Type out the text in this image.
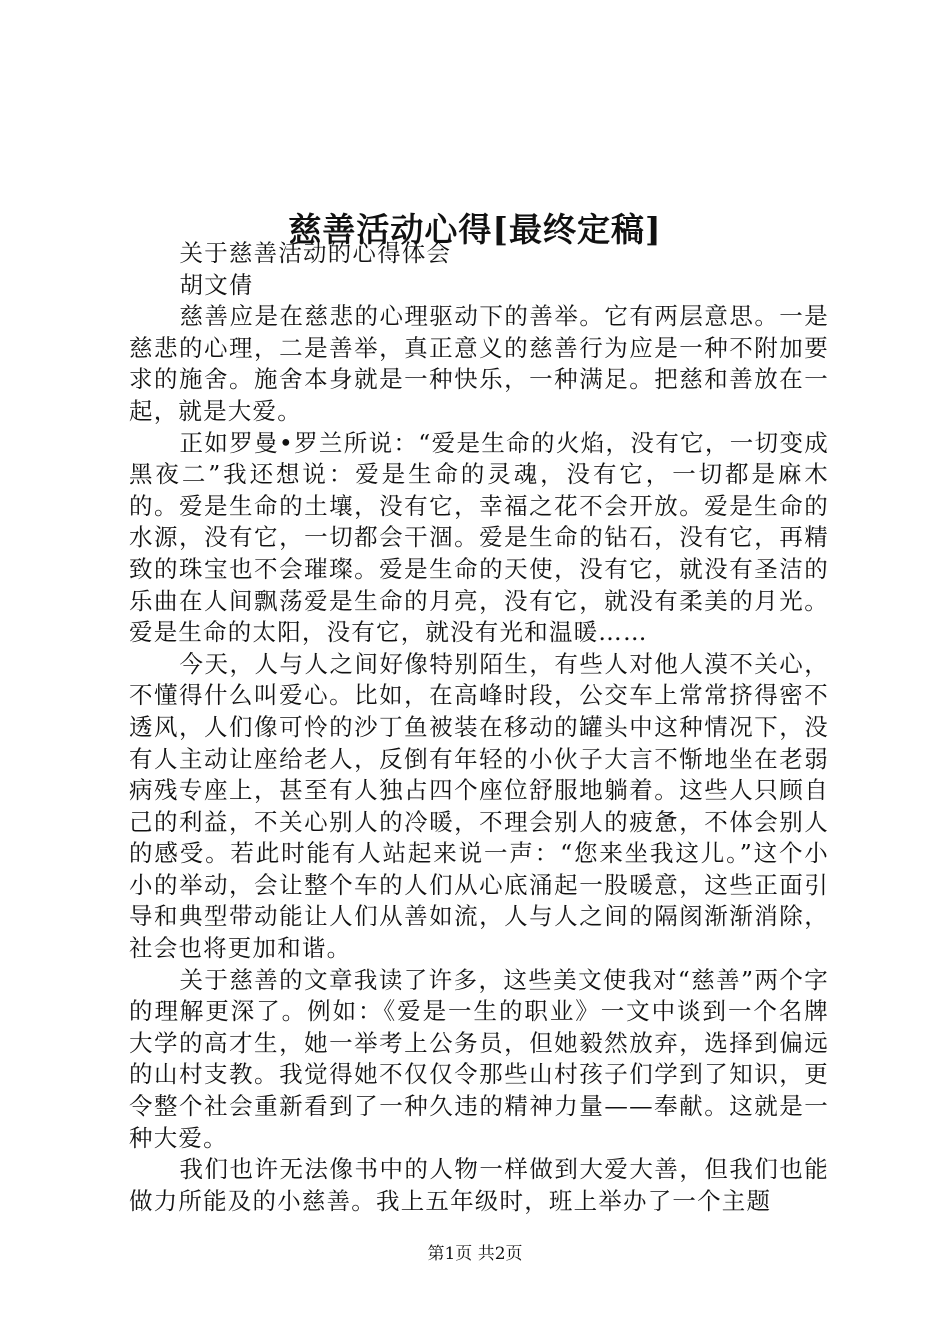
慈善活动心得[最终定稿]

关于慈善活动的心得体会

胡文倩

慈善应是在慈悲的心理驱动下的善举。它有两层意思。一是慈悲的心理，二是善举，真正意义的慈善行为应是一种不附加要求的施舍。施舍本身就是一种快乐，一种满足。把慈和善放在一起，就是大爱。

正如罗曼•罗兰所说：“爱是生命的火焰，没有它，一切变成黑夜二”我还想说：爱是生命的灵魂，没有它，一切都是麻木的。爱是生命的土壤，没有它，幸福之花不会开放。爱是生命的水源，没有它，一切都会干涸。爱是生命的钻石，没有它，再精致的珠宝也不会璀璨。爱是生命的天使，没有它，就没有圣洁的乐曲在人间飘荡爱是生命的月亮，没有它，就没有柔美的月光。爱是生命的太阳，没有它，就没有光和温暖……

今天，人与人之间好像特别陌生，有些人对他人漠不关心，不懂得什么叫爱心。比如，在高峰时段，公交车上常常挤得密不透风，人们像可怜的沙丁鱼被装在移动的罐头中这种情况下，没有人主动让座给老人，反倒有年轻的小伙子大言不惭地坐在老弱病残专座上，甚至有人独占四个座位舒服地躺着。这些人只顾自己的利益，不关心别人的冷暖，不理会别人的疲惫，不体会别人的感受。若此时能有人站起来说一声：“您来坐我这儿。”这个小小的举动，会让整个车的人们从心底涌起一股暖意，这些正面引导和典型带动能让人们从善如流，人与人之间的隔阂渐渐消除，社会也将更加和谐。

关于慈善的文章我读了许多，这些美文使我对“慈善”两个字的理解更深了。例如：《爱是一生的职业》一文中谈到一个名牌大学的高才生，她一举考上公务员，但她毅然放弃，选择到偏远的山村支教。我觉得她不仅仅令那些山村孩子们学到了知识，更令整个社会重新看到了一种久违的精神力量——奉献。这就是一种大爱。

我们也许无法像书中的人物一样做到大爱大善，但我们也能做力所能及的小慈善。我上五年级时，班上举办了一个主题

第1页 共2页
